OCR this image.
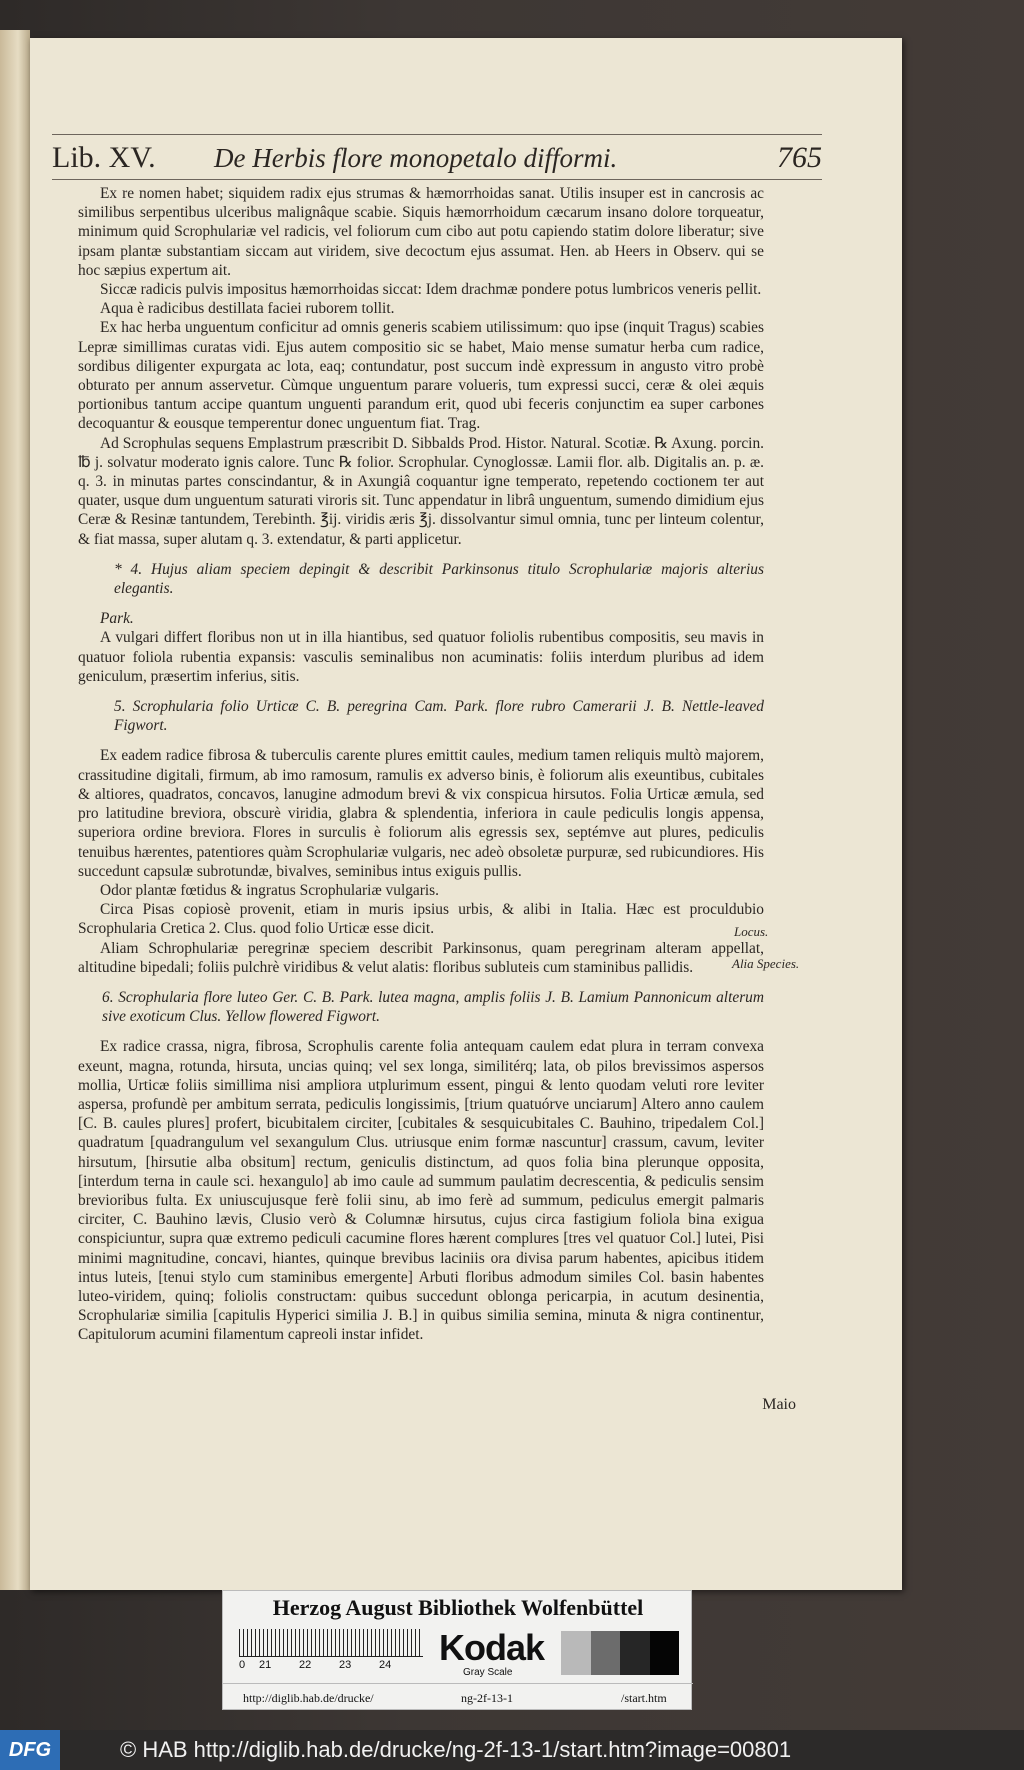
Lib. XV. De Herbis flore monopetalo difformi.	765

Ex re nomen habet; siquidem radix ejus strumas & hæmorrhoidas sanat. Utilis insuper est in cancrosis ac similibus serpentibus ulceribus malignâque scabie. Siquis hæmorrhoidum cæcarum insano dolore torqueatur, minimum quid Scrophulariæ vel radicis, vel foliorum cum cibo aut potu capiendo statim dolore liberatur; sive ipsam plantæ substantiam siccam aut viridem, sive decoctum ejus assumat. Hen. ab Heers in Observ. qui se hoc sæpius expertum ait.

Siccæ radicis pulvis impositus hæmorrhoidas siccat: Idem drachmæ pondere potus lumbricos veneris pellit.

Aqua è radicibus destillata faciei ruborem tollit.

Ex hac herba unguentum conficitur ad omnis generis scabiem utilissimum: quo ipse (inquit Tragus) scabies Lepræ simillimas curatas vidi. Ejus autem compositio sic se habet, Maio mense sumatur herba cum radice, sordibus diligenter expurgata ac lota, eaq; contundatur, post succum indè expressum in angusto vitro probè obturato per annum asservetur. Cùmque unguentum parare volueris, tum expressi succi, ceræ & olei æquis portionibus tantum accipe quantum unguenti parandum erit, quod ubi feceris conjunctim ea super carbones decoquantur & eousque temperentur donec unguentum fiat. Trag.

Ad Scrophulas sequens Emplastrum præscribit D. Sibbalds Prod. Histor. Natural. Scotiæ. ℞ Axung. porcin. ℔ j. solvatur moderato ignis calore. Tunc ℞ folior. Scrophular. Cynoglossæ. Lamii flor. alb. Digitalis an. p. æ. q. 3. in minutas partes conscindantur, & in Axungiâ coquantur igne temperato, repetendo coctionem ter aut quater, usque dum unguentum saturati viroris sit. Tunc appendatur in librâ unguentum, sumendo dimidium ejus Ceræ & Resinæ tantundem, Terebinth. ℥ij. viridis æris ℥j. dissolvantur simul omnia, tunc per linteum colentur, & fiat massa, super alutam q. 3. extendatur, & parti applicetur.

* 4. Hujus aliam speciem depingit & describit Parkinsonus titulo Scrophulariæ majoris alterius elegantis.

Park.

A vulgari differt floribus non ut in illa hiantibus, sed quatuor foliolis rubentibus compositis, seu mavis in quatuor foliola rubentia expansis: vasculis seminalibus non acuminatis: foliis interdum pluribus ad idem geniculum, præsertim inferius, sitis.

5. Scrophularia folio Urticæ C. B. peregrina Cam. Park. flore rubro Camerarii J. B. Nettle-leaved Figwort.

Ex eadem radice fibrosa & tuberculis carente plures emittit caules, medium tamen reliquis multò majorem, crassitudine digitali, firmum, ab imo ramosum, ramulis ex adverso binis, è foliorum alis exeuntibus, cubitales & altiores, quadratos, concavos, lanugine admodum brevi & vix conspicua hirsutos. Folia Urticæ æmula, sed pro latitudine breviora, obscurè viridia, glabra & splendentia, inferiora in caule pediculis longis appensa, superiora ordine breviora. Flores in surculis è foliorum alis egressis sex, septémve aut plures, pediculis tenuibus hærentes, patentiores quàm Scrophulariæ vulgaris, nec adeò obsoletæ purpuræ, sed rubicundiores. His succedunt capsulæ subrotundæ, bivalves, seminibus intus exiguis pullis.

Odor plantæ fœtidus & ingratus Scrophulariæ vulgaris.

Circa Pisas copiosè provenit, etiam in muris ipsius urbis, & alibi in Italia. Hæc est proculdubio Scrophularia Cretica 2. Clus. quod folio Urticæ esse dicit.

Aliam Schrophulariæ peregrinæ speciem describit Parkinsonus, quam peregrinam alteram appellat, altitudine bipedali; foliis pulchrè viridibus & velut alatis: floribus subluteis cum staminibus pallidis.

6. Scrophularia flore luteo Ger. C. B. Park. lutea magna, amplis foliis J. B. Lamium Pannonicum alterum sive exoticum Clus. Yellow flowered Figwort.

Ex radice crassa, nigra, fibrosa, Scrophulis carente folia antequam caulem edat plura in terram convexa exeunt, magna, rotunda, hirsuta, uncias quinq; vel sex longa, similitérq; lata, ob pilos brevissimos aspersos mollia, Urticæ foliis simillima nisi ampliora utplurimum essent, pingui & lento quodam veluti rore leviter aspersa, profundè per ambitum serrata, pediculis longissimis, [trium quatuórve unciarum] Altero anno caulem [C. B. caules plures] profert, bicubitalem circiter, [cubitales & sesquicubitales C. Bauhino, tripedalem Col.] quadratum [quadrangulum vel sexangulum Clus. utriusque enim formæ nascuntur] crassum, cavum, leviter hirsutum, [hirsutie alba obsitum] rectum, geniculis distinctum, ad quos folia bina plerunque opposita, [interdum terna in caule sci. hexangulo] ab imo caule ad summum paulatim decrescentia, & pediculis sensim brevioribus fulta. Ex uniuscujusque ferè folii sinu, ab imo ferè ad summum, pediculus emergit palmaris circiter, C. Bauhino lævis, Clusio verò & Columnæ hirsutus, cujus circa fastigium foliola bina exigua conspiciuntur, supra quæ extremo pediculi cacumine flores hærent complures [tres vel quatuor Col.] lutei, Pisi minimi magnitudine, concavi, hiantes, quinque brevibus laciniis ora divisa parum habentes, apicibus itidem intus luteis, [tenui stylo cum staminibus emergente] Arbuti floribus admodum similes Col. basin habentes luteo-viridem, quinq; foliolis constructam: quibus succedunt oblonga pericarpia, in acutum desinentia, Scrophulariæ similia [capitulis Hyperici similia J. B.] in quibus similia semina, minuta & nigra continentur, Capitulorum acumini filamentum capreoli instar infidet.

Locus.
Alia Species.
Maio
Herzog August Bibliothek Wolfenbüttel
0 21	22	23	24	Kodak
Gray Scale
http://diglib.hab.de/drucke/	ng-2f-13-1	/start.htm
DFG	© HAB http://diglib.hab.de/drucke/ng-2f-13-1/start.htm?image=00801
